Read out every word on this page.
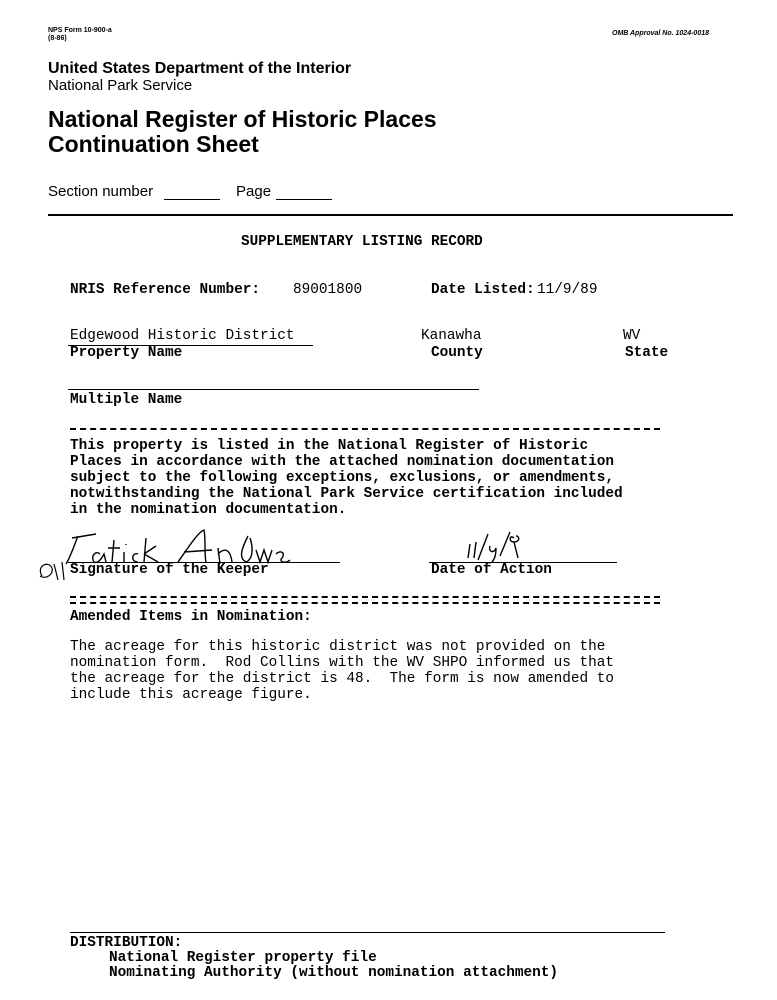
NPS Form 10-900-a
(8-86)
OMB Approval No. 1024-0018
United States Department of the Interior
National Park Service
National Register of Historic Places
Continuation Sheet
Section number	Page
SUPPLEMENTARY LISTING RECORD
NRIS Reference Number: 89001800	Date Listed: 11/9/89
Edgewood Historic District
Property Name
Kanawha
County
WV
State
Multiple Name
This property is listed in the National Register of Historic
Places in accordance with the attached nomination documentation
subject to the following exceptions, exclusions, or amendments,
notwithstanding the National Park Service certification included
in the nomination documentation.
Signature of the Keeper	Date of Action
Amended Items in Nomination:
The acreage for this historic district was not provided on the
nomination form.  Rod Collins with the WV SHPO informed us that
the acreage for the district is 48.  The form is now amended to
include this acreage figure.
DISTRIBUTION:
National Register property file
Nominating Authority (without nomination attachment)
